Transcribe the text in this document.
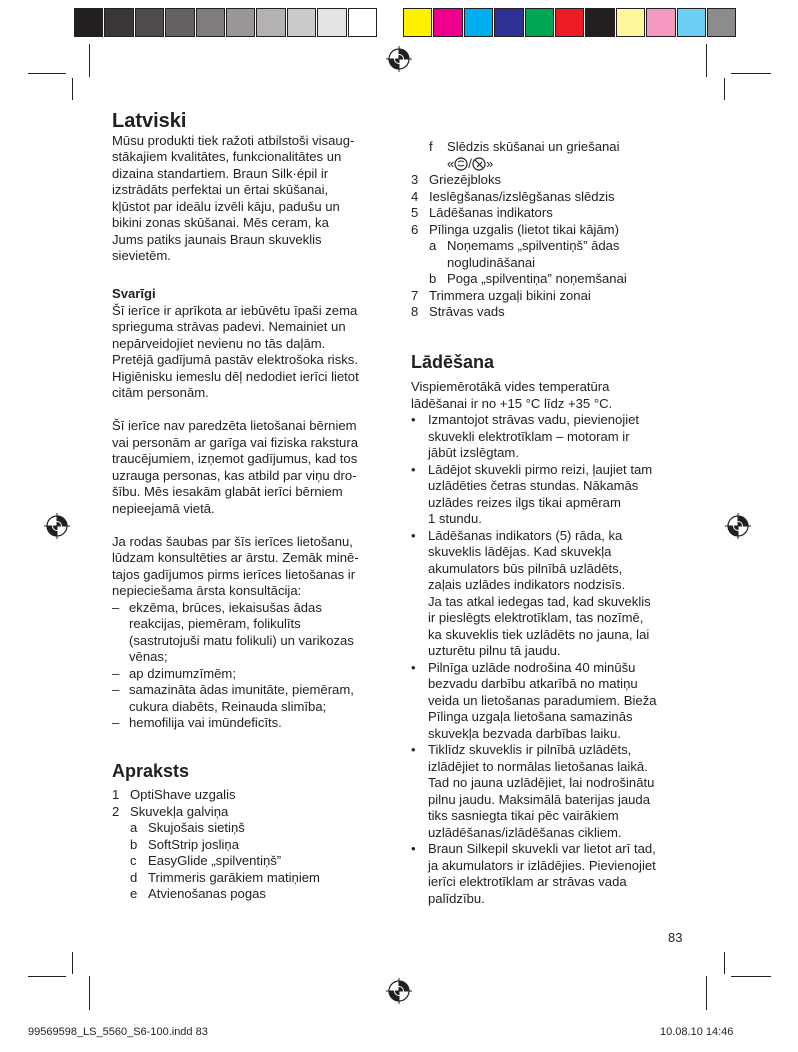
Latviski
Mūsu produkti tiek ražoti atbilstoši visaug-
stākajiem kvalitātes, funkcionalitātes un
dizaina standartiem. Braun Silk·épil ir
izstrādāts perfektai un ērtai skūšanai,
kļūstot par ideālu izvēli kāju, padušu un
bikini zonas skūšanai. Mēs ceram, ka
Jums patiks jaunais Braun skuveklis
sievietēm.
Svarīgi
Šī ierīce ir aprīkota ar iebūvētu īpaši zema
sprieguma strāvas padevi. Nemainiet un
nepārveidojiet nevienu no tās daļām.
Pretējā gadījumā pastāv elektrošoka risks.
Higiēnisku iemeslu dēļ nedodiet ierīci lietot
citām personām.
Šī ierīce nav paredzēta lietošanai bērniem
vai personām ar garīga vai fiziska rakstura
traucējumiem, izņemot gadījumus, kad tos
uzrauga personas, kas atbild par viņu dro-
šību. Mēs iesakām glabāt ierīci bērniem
nepieejamā vietā.
Ja rodas šaubas par šīs ierīces lietošanu,
lūdzam konsultēties ar ārstu. Zemāk minē-
tajos gadījumos pirms ierīces lietošanas ir
nepieciešama ārsta konsultācija:
– ekzēma, brūces, iekaisušas ādas
reakcijas, piemēram, folikulīts
(sastrutojuši matu folikuli) un varikozas
vēnas;
– ap dzimumzīmēm;
– samazināta ādas imunitāte, piemēram,
cukura diabēts, Reinauda slimība;
– hemofilija vai imūndeficīts.
Apraksts
1 OptiShave uzgalis
2 Skuvekļa galviņa
a Skujošais sietiņš
b SoftStrip josliņa
c EasyGlide „spilventiņš”
d Trimmeris garākiem matiņiem
e Atvienošanas pogas
f	Slēdzis skūšanai un griešanai
« / »
3 Griezējbloks
4 Ieslēgšanas/izslēgšanas slēdzis
5 Lādēšanas indikators
6 Pīlinga uzgalis (lietot tikai kājām)
a Noņemams „spilventiņš” ādas
nogludināšanai
b Poga „spilventiņa” noņemšanai
7 Trimmera uzgaļi bikini zonai
8 Strāvas vads
Lādēšana
Vispiemērotākā vides temperatūra
lādēšanai ir no +15 °C līdz +35 °C.
• Izmantojot strāvas vadu, pievienojiet
skuvekli elektrotīklam – motoram ir
jābūt izslēgtam.
• Lādējot skuvekli pirmo reizi, ļaujiet tam
uzlādēties četras stundas. Nākamās
uzlādes reizes ilgs tikai apmēram
1 stundu.
• Lādēšanas indikators (5) rāda, ka
skuveklis lādējas. Kad skuvekļa
akumulators būs pilnībā uzlādēts,
zaļais uzlādes indikators nodzisīs.
Ja tas atkal iedegas tad, kad skuveklis
ir pieslēgts elektrotīklam, tas nozīmē,
ka skuveklis tiek uzlādēts no jauna, lai
uzturētu pilnu tā jaudu.
• Pilnīga uzlāde nodrošina 40 minūšu
bezvadu darbību atkarībā no matiņu
veida un lietošanas paradumiem. Bieža
Pīlinga uzgaļa lietošana samazinās
skuvekļa bezvada darbības laiku.
• Tiklīdz skuveklis ir pilnībā uzlādēts,
izlādējiet to normālas lietošanas laikā.
Tad no jauna uzlādējiet, lai nodrošinātu
pilnu jaudu. Maksimālā baterijas jauda
tiks sasniegta tikai pēc vairākiem
uzlādēšanas/izlādēšanas cikliem.
• Braun Silkepil skuvekli var lietot arī tad,
ja akumulators ir izlādējies. Pievienojiet
ierīci elektrotīklam ar strāvas vada
palīdzību.
83
99569598_LS_5560_S6-100.indd 83	10.08.10 14:46
